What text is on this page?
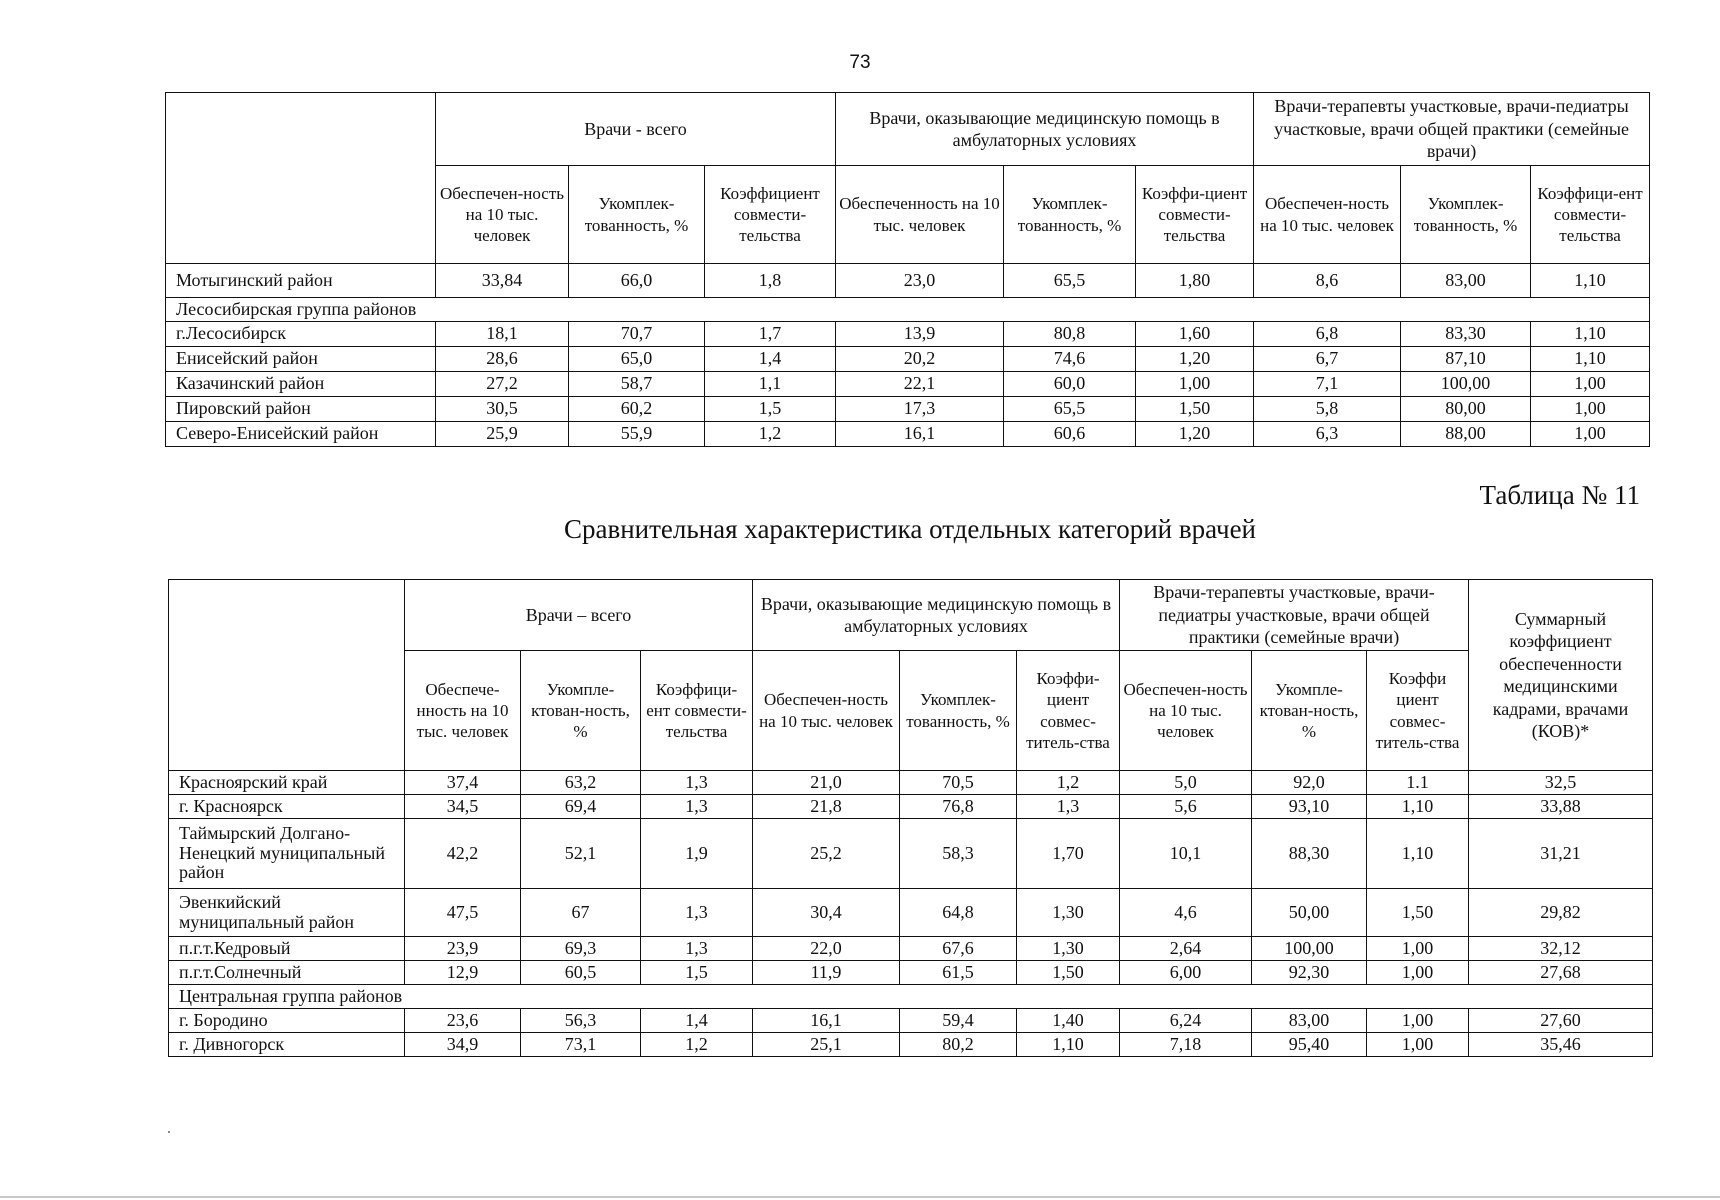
73
	Врачи - всего			Врачи, оказывающие медицинскую помощь в амбулаторных условиях			Врачи-терапевты участковые, врачи-педиатры участковые, врачи общей практики (семейные врачи)		
	Обеспечен-ность на 10 тыс. человек	Укомплек-тованность, %	Коэффициент совмести-тельства	Обеспеченность на 10 тыс. человек	Укомплек-тованность, %	Коэффи-циент совмести-тельства	Обеспечен-ность на 10 тыс. человек	Укомплек-тованность, %	Коэффици-ент совмести-тельства
Мотыгинский район	33,84	66,0	1,8	23,0	65,5	1,80	8,6	83,00	1,10
Лесосибирская группа районов									
г.Лесосибирск	18,1	70,7	1,7	13,9	80,8	1,60	6,8	83,30	1,10
Енисейский район	28,6	65,0	1,4	20,2	74,6	1,20	6,7	87,10	1,10
Казачинский район	27,2	58,7	1,1	22,1	60,0	1,00	7,1	100,00	1,00
Пировский район	30,5	60,2	1,5	17,3	65,5	1,50	5,8	80,00	1,00
Северо-Енисейский район	25,9	55,9	1,2	16,1	60,6	1,20	6,3	88,00	1,00
Таблица № 11
Сравнительная характеристика отдельных категорий врачей
	Врачи – всего			Врачи, оказывающие медицинскую помощь в амбулаторных условиях			Врачи-терапевты участковые, врачи-педиатры участковые, врачи общей практики (семейные врачи)			Суммарный коэффициент обеспеченности медицинскими кадрами, врачами (КОВ)*
	Обеспече-нность на 10 тыс. человек	Укомпле-ктован-ность, %	Коэффици-ент совмести-тельства	Обеспечен-ность на 10 тыс. человек	Укомплек-тованность, %	Коэффи-циент совмес-титель-ства	Обеспечен-ность на 10 тыс. человек	Укомпле-ктован-ность, %	Коэффи циент совмес-титель-ства	
Красноярский край	37,4	63,2	1,3	21,0	70,5	1,2	5,0	92,0	1.1	32,5
г. Красноярск	34,5	69,4	1,3	21,8	76,8	1,3	5,6	93,10	1,10	33,88
Таймырский Долгано-Ненецкий муниципальный район	42,2	52,1	1,9	25,2	58,3	1,70	10,1	88,30	1,10	31,21
Эвенкийский муниципальный район	47,5	67	1,3	30,4	64,8	1,30	4,6	50,00	1,50	29,82
п.г.т.Кедровый	23,9	69,3	1,3	22,0	67,6	1,30	2,64	100,00	1,00	32,12
п.г.т.Солнечный	12,9	60,5	1,5	11,9	61,5	1,50	6,00	92,30	1,00	27,68
Центральная группа районов										
г. Бородино	23,6	56,3	1,4	16,1	59,4	1,40	6,24	83,00	1,00	27,60
г. Дивногорск	34,9	73,1	1,2	25,1	80,2	1,10	7,18	95,40	1,00	35,46
